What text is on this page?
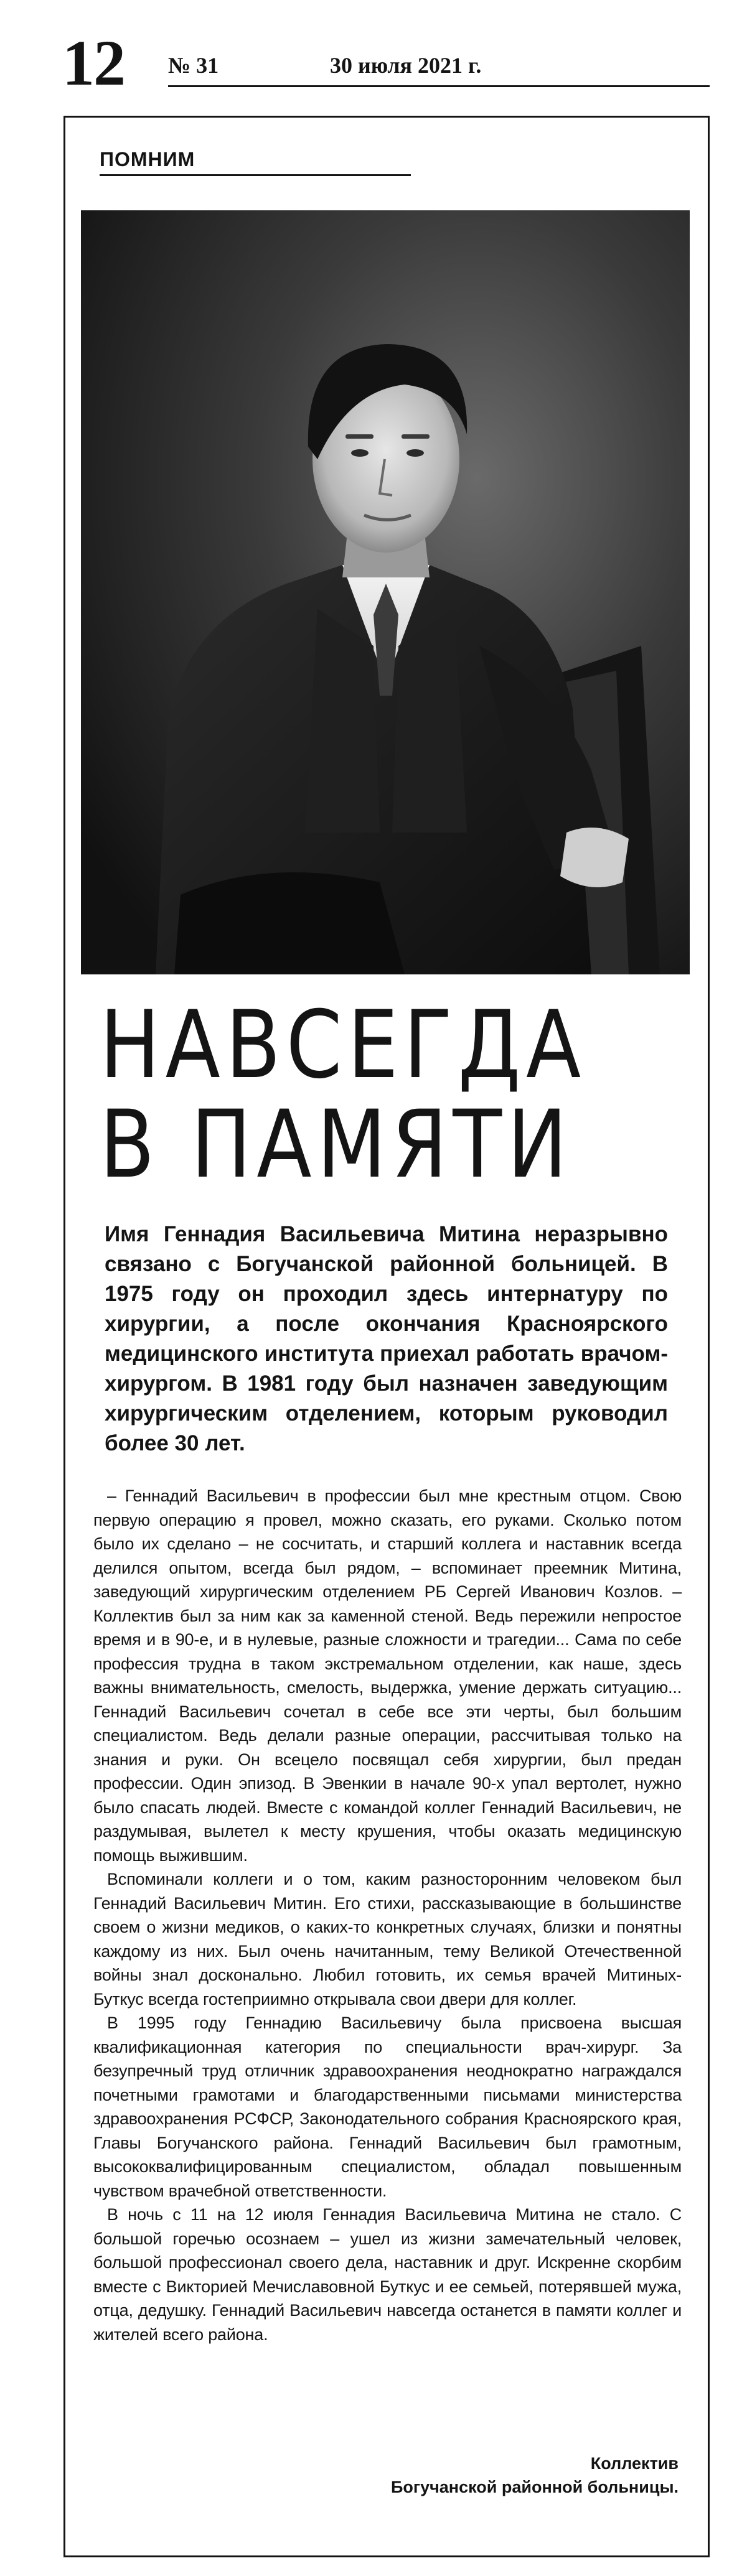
12 № 31	30 июля 2021 г.
ПОМНИМ
НАВСЕГДА
В ПАМЯТИ
Имя Геннадия Васильевича Митина неразрывно связано с Богучанской районной больницей. В 1975 году он проходил здесь интернатуру по хирургии, а после окончания Красноярского медицинского института приехал работать врачом-хирургом. В 1981 году был назначен заведующим хирургическим отделением, которым руководил более 30 лет.

– Геннадий Васильевич в профессии был мне крестным отцом. Свою первую операцию я провел, можно сказать, его руками. Сколько потом было их сделано – не сосчитать, и старший коллега и наставник всегда делился опытом, всегда был рядом, – вспоминает преемник Митина, заведующий хирургическим отделением РБ Сергей Иванович Козлов. – Коллектив был за ним как за каменной стеной. Ведь пережили непростое время и в 90-е, и в нулевые, разные сложности и трагедии... Сама по себе профессия трудна в таком экстремальном отделении, как наше, здесь важны внимательность, смелость, выдержка, умение держать ситуацию... Геннадий Васильевич сочетал в себе все эти черты, был большим специалистом. Ведь делали разные операции, рассчитывая только на знания и руки. Он всецело посвящал себя хирургии, был предан профессии. Один эпизод. В Эвенкии в начале 90-х упал вертолет, нужно было спасать людей. Вместе с командой коллег Геннадий Васильевич, не раздумывая, вылетел к месту крушения, чтобы оказать медицинскую помощь выжившим.

Вспоминали коллеги и о том, каким разносторонним человеком был Геннадий Васильевич Митин. Его стихи, рассказывающие в большинстве своем о жизни медиков, о каких-то конкретных случаях, близки и понятны каждому из них. Был очень начитанным, тему Великой Отечественной войны знал досконально. Любил готовить, их семья врачей Митиных-Буткус всегда гостеприимно открывала свои двери для коллег.

В 1995 году Геннадию Васильевичу была присвоена высшая квалификационная категория по специальности врач-хирург. За безупречный труд отличник здравоохранения неоднократно награждался почетными грамотами и благодарственными письмами министерства здравоохранения РСФСР, Законодательного собрания Красноярского края, Главы Богучанского района. Геннадий Васильевич был грамотным, высококвалифицированным специалистом, обладал повышенным чувством врачебной ответственности.

В ночь с 11 на 12 июля Геннадия Васильевича Митина не стало. С большой горечью осознаем – ушел из жизни замечательный человек, большой профессионал своего дела, наставник и друг. Искренне скорбим вместе с Викторией Мечиславовной Буткус и ее семьей, потерявшей мужа, отца, дедушку. Геннадий Васильевич навсегда останется в памяти коллег и жителей всего района.

Коллектив
Богучанской районной больницы.
